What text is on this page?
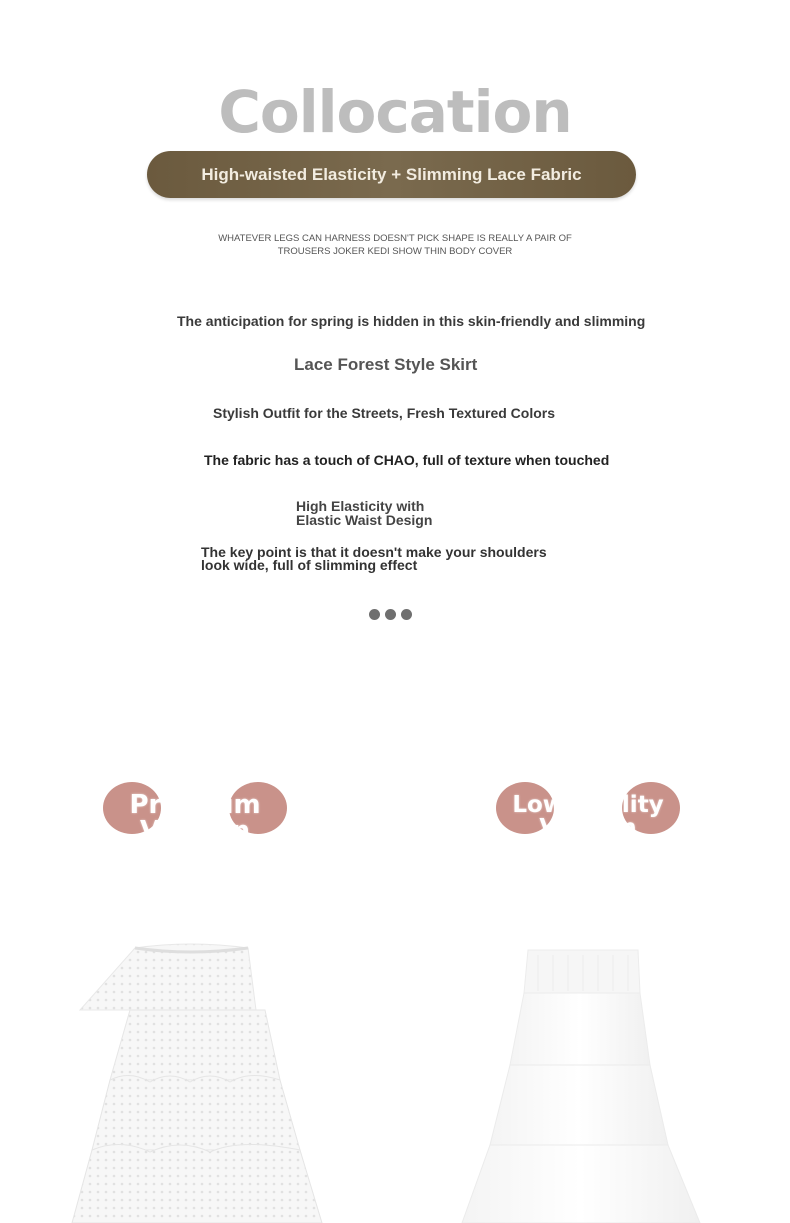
Collocation
High-waisted Elasticity + Slimming Lace Fabric
WHATEVER LEGS CAN HARNESS DOESN'T PICK SHAPE IS REALLY A PAIR OF
TROUSERS JOKER KEDI SHOW THIN BODY COVER
The anticipation for spring is hidden in this skin-friendly and slimming
Lace Forest Style Skirt
Stylish Outfit for the Streets, Fresh Textured Colors
The fabric has a touch of CHAO, full of texture when touched
High Elasticity with
Elastic Waist Design
The key point is that it doesn't make your shoulders
look wide, full of slimming effect
Premium
Version
Low-quality
Version
